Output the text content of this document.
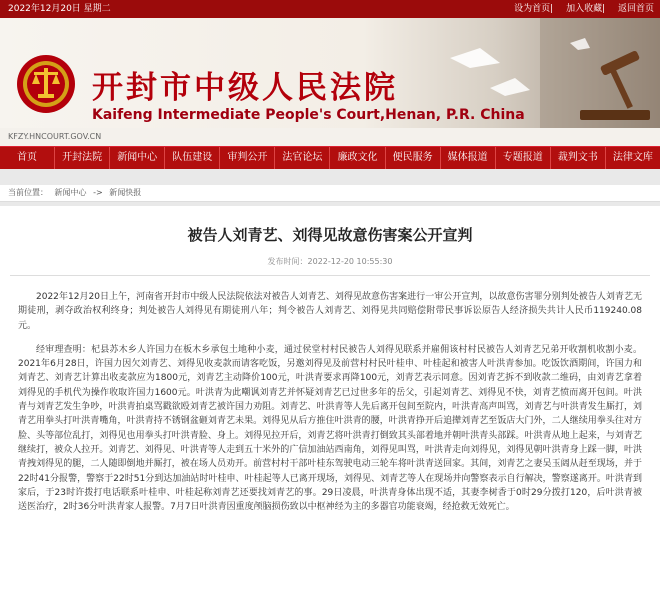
2022年12月20日 星期二	设为首页| 加入收藏| 返回首页
开封市中级人民法院
Kaifeng Intermediate People's Court,Henan, P.R. China
KFZY.HNCOURT.GOV.CN
首页	开封法院	新闻中心	队伍建设	审判公开	法官论坛	廉政文化	便民服务	媒体报道	专题报道	裁判文书	法律文库
当前位置： 新闻中心 -> 新闻快报
被告人刘青艺、刘得见故意伤害案公开宣判
发布时间：2022-12-20 10:55:30

2022年12月20日上午，河南省开封市中级人民法院依法对被告人刘青艺、刘得见故意伤害案进行一审公开宣判，以故意伤害罪分别判处被告人刘青艺无期徒刑，剥夺政治权利终身；判处被告人刘得见有期徒刑八年；判令被告人刘青艺、刘得见共同赔偿附带民事诉讼原告人经济损失共计人民币119240.08元。

经审理查明：杞县苏木乡人许国力在板木乡承包土地种小麦，通过侯堂村村民被告人刘得见联系并雇佣该村村民被告人刘青艺兄弟开收割机收割小麦。2021年6月28日，许国力因欠刘青艺、刘得见收麦款而请客吃饭，另邀刘得见及前营村村民叶桂申、叶桂起和被害人叶洪青参加。吃饭饮酒期间，许国力和刘青艺、刘青艺计算出收麦款应为1800元，刘青艺主动降价100元，叶洪青要求再降100元，刘青艺表示同意。因刘青艺拆不到收款二维码，由刘青艺拿着刘得见的手机代为操作收取许国力1600元。叶洪青为此嘲讽刘青艺并怀疑刘青艺已过世多年的岳父，引起刘青艺、刘得见不快，刘青艺愤而离开包间。叶洪青与刘青艺发生争吵，叶洪青拍桌骂戳欲殴刘青艺被许国力劝阻。刘青艺、叶洪青等人先后离开包间至院内，叶洪青高声叫骂，刘青艺与叶洪青发生厮打，刘青艺用拳头打叶洪青嘴角，叶洪青持不锈钢盆砸刘青艺未果。刘得见从后方推住叶洪青的腰，叶洪青挣开后追撵刘青艺至饭店大门外，二人继续用拳头往对方脸、头等部位乱打，刘得见也用拳头打叶洪青脸、身上。刘得见拉开后，刘青艺将叶洪青打倒致其头部着地并朝叶洪青头部踩。叶洪青从地上起来，与刘青艺继续打，被众人拉开。刘青艺、刘得见、叶洪青等人走到五十米外的广信加油站西南角，刘得见叫骂，叶洪青走向刘得见，刘得见朝叶洪青身上踩一脚，叶洪青拽刘得见的腿，二人随即倒地并厮打，被在场人员劝开。前营村村干部叶桂东驾驶电动三轮车将叶洪青送回家。其间，刘青艺之妻吴玉阔从赶至现场，并于22时41分报警，警察于22时51分到达加油站时叶桂申、叶桂起等人已离开现场，刘得见、刘青艺等人在现场并向警察表示自行解决，警察遂离开。叶洪青到家后，于23时许拨打电话联系叶桂申、叶桂起称刘青艺还要找刘青艺的事。29日凌晨，叶洪青身体出现不适，其妻李树香于0时29分拨打120，后叶洪青被送医治疗，2时36分叶洪青家人报警。7月7日叶洪青因重度颅脑损伤致以中枢神经为主的多器官功能衰竭，经抢救无效死亡。
